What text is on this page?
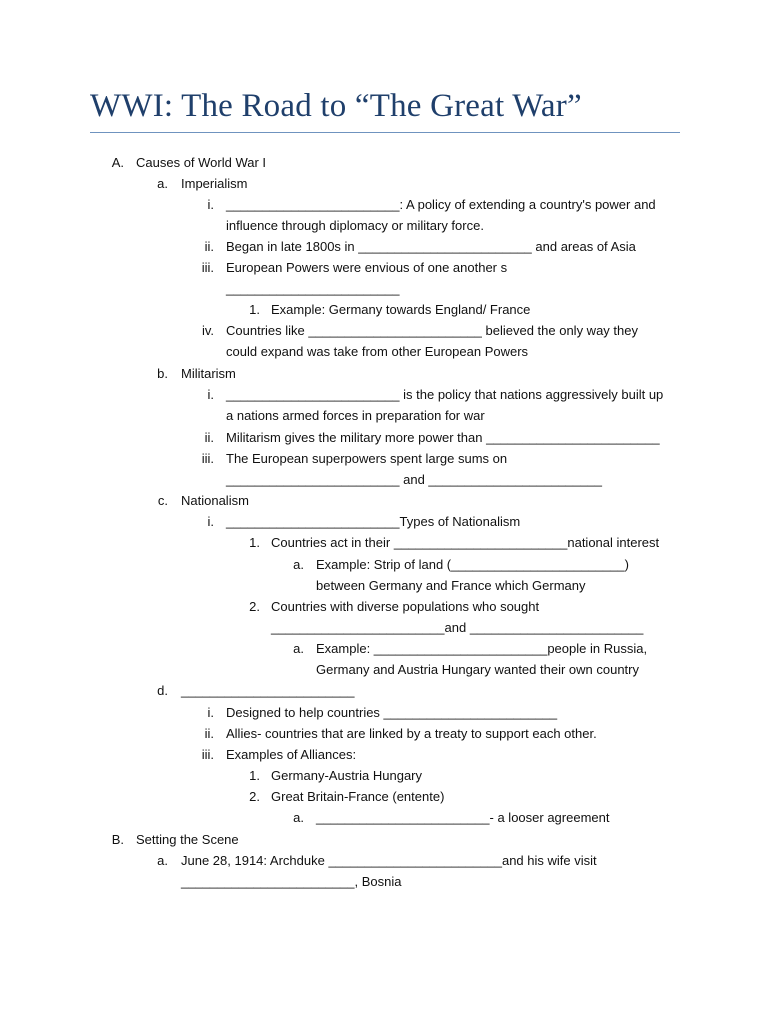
WWI: The Road to “The Great War”
A. Causes of World War I
a. Imperialism
i. ________________________: A policy of extending a country's power and
influence through diplomacy or military force.
ii. Began in late 1800s in ________________________ and areas of Asia
iii. European Powers were envious of one another s
________________________
1. Example: Germany towards England/ France
iv. Countries like ________________________ believed the only way they
could expand was take from other European Powers
b. Militarism
i. ________________________ is the policy that nations aggressively built up
a nations armed forces in preparation for war
ii. Militarism gives the military more power than ________________________
iii. The European superpowers spent large sums on
________________________ and ________________________
c. Nationalism
i. ________________________Types of Nationalism
1. Countries act in their ________________________national interest
a. Example: Strip of land (________________________)
between Germany and France which Germany
2. Countries with diverse populations who sought
________________________and ________________________
a. Example: ________________________people in Russia,
Germany and Austria Hungary wanted their own country
d. ________________________
i. Designed to help countries ________________________
ii. Allies- countries that are linked by a treaty to support each other.
iii. Examples of Alliances:
1. Germany-Austria Hungary
2. Great Britain-France (entente)
a. ________________________- a looser agreement
B. Setting the Scene
a. June 28, 1914: Archduke ________________________and his wife visit
________________________, Bosnia
